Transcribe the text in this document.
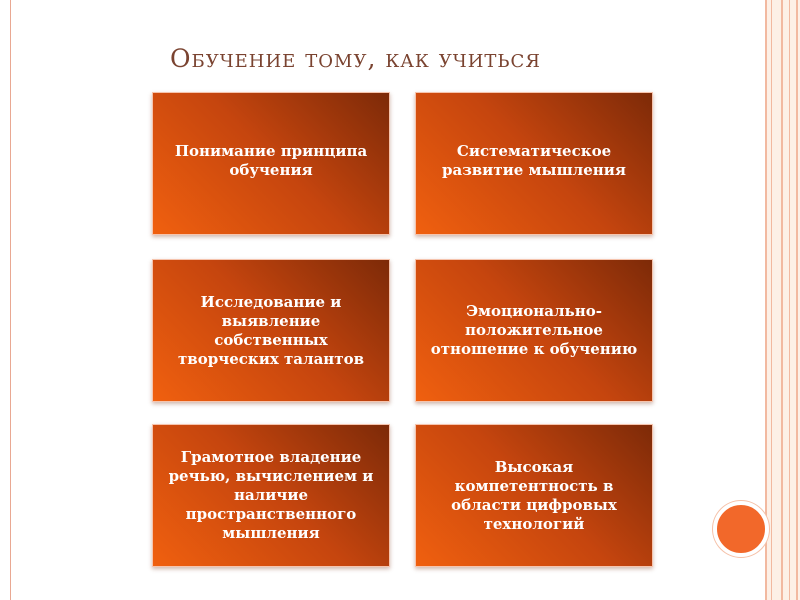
Обучение тому, как учиться
Понимание принципа обучения
Систематическое развитие мышления
Исследование и выявление собственных творческих талантов
Эмоционально-положительное отношение к обучению
Грамотное владение речью, вычислением и наличие пространственного мышления
Высокая компетентность в области цифровых технологий
